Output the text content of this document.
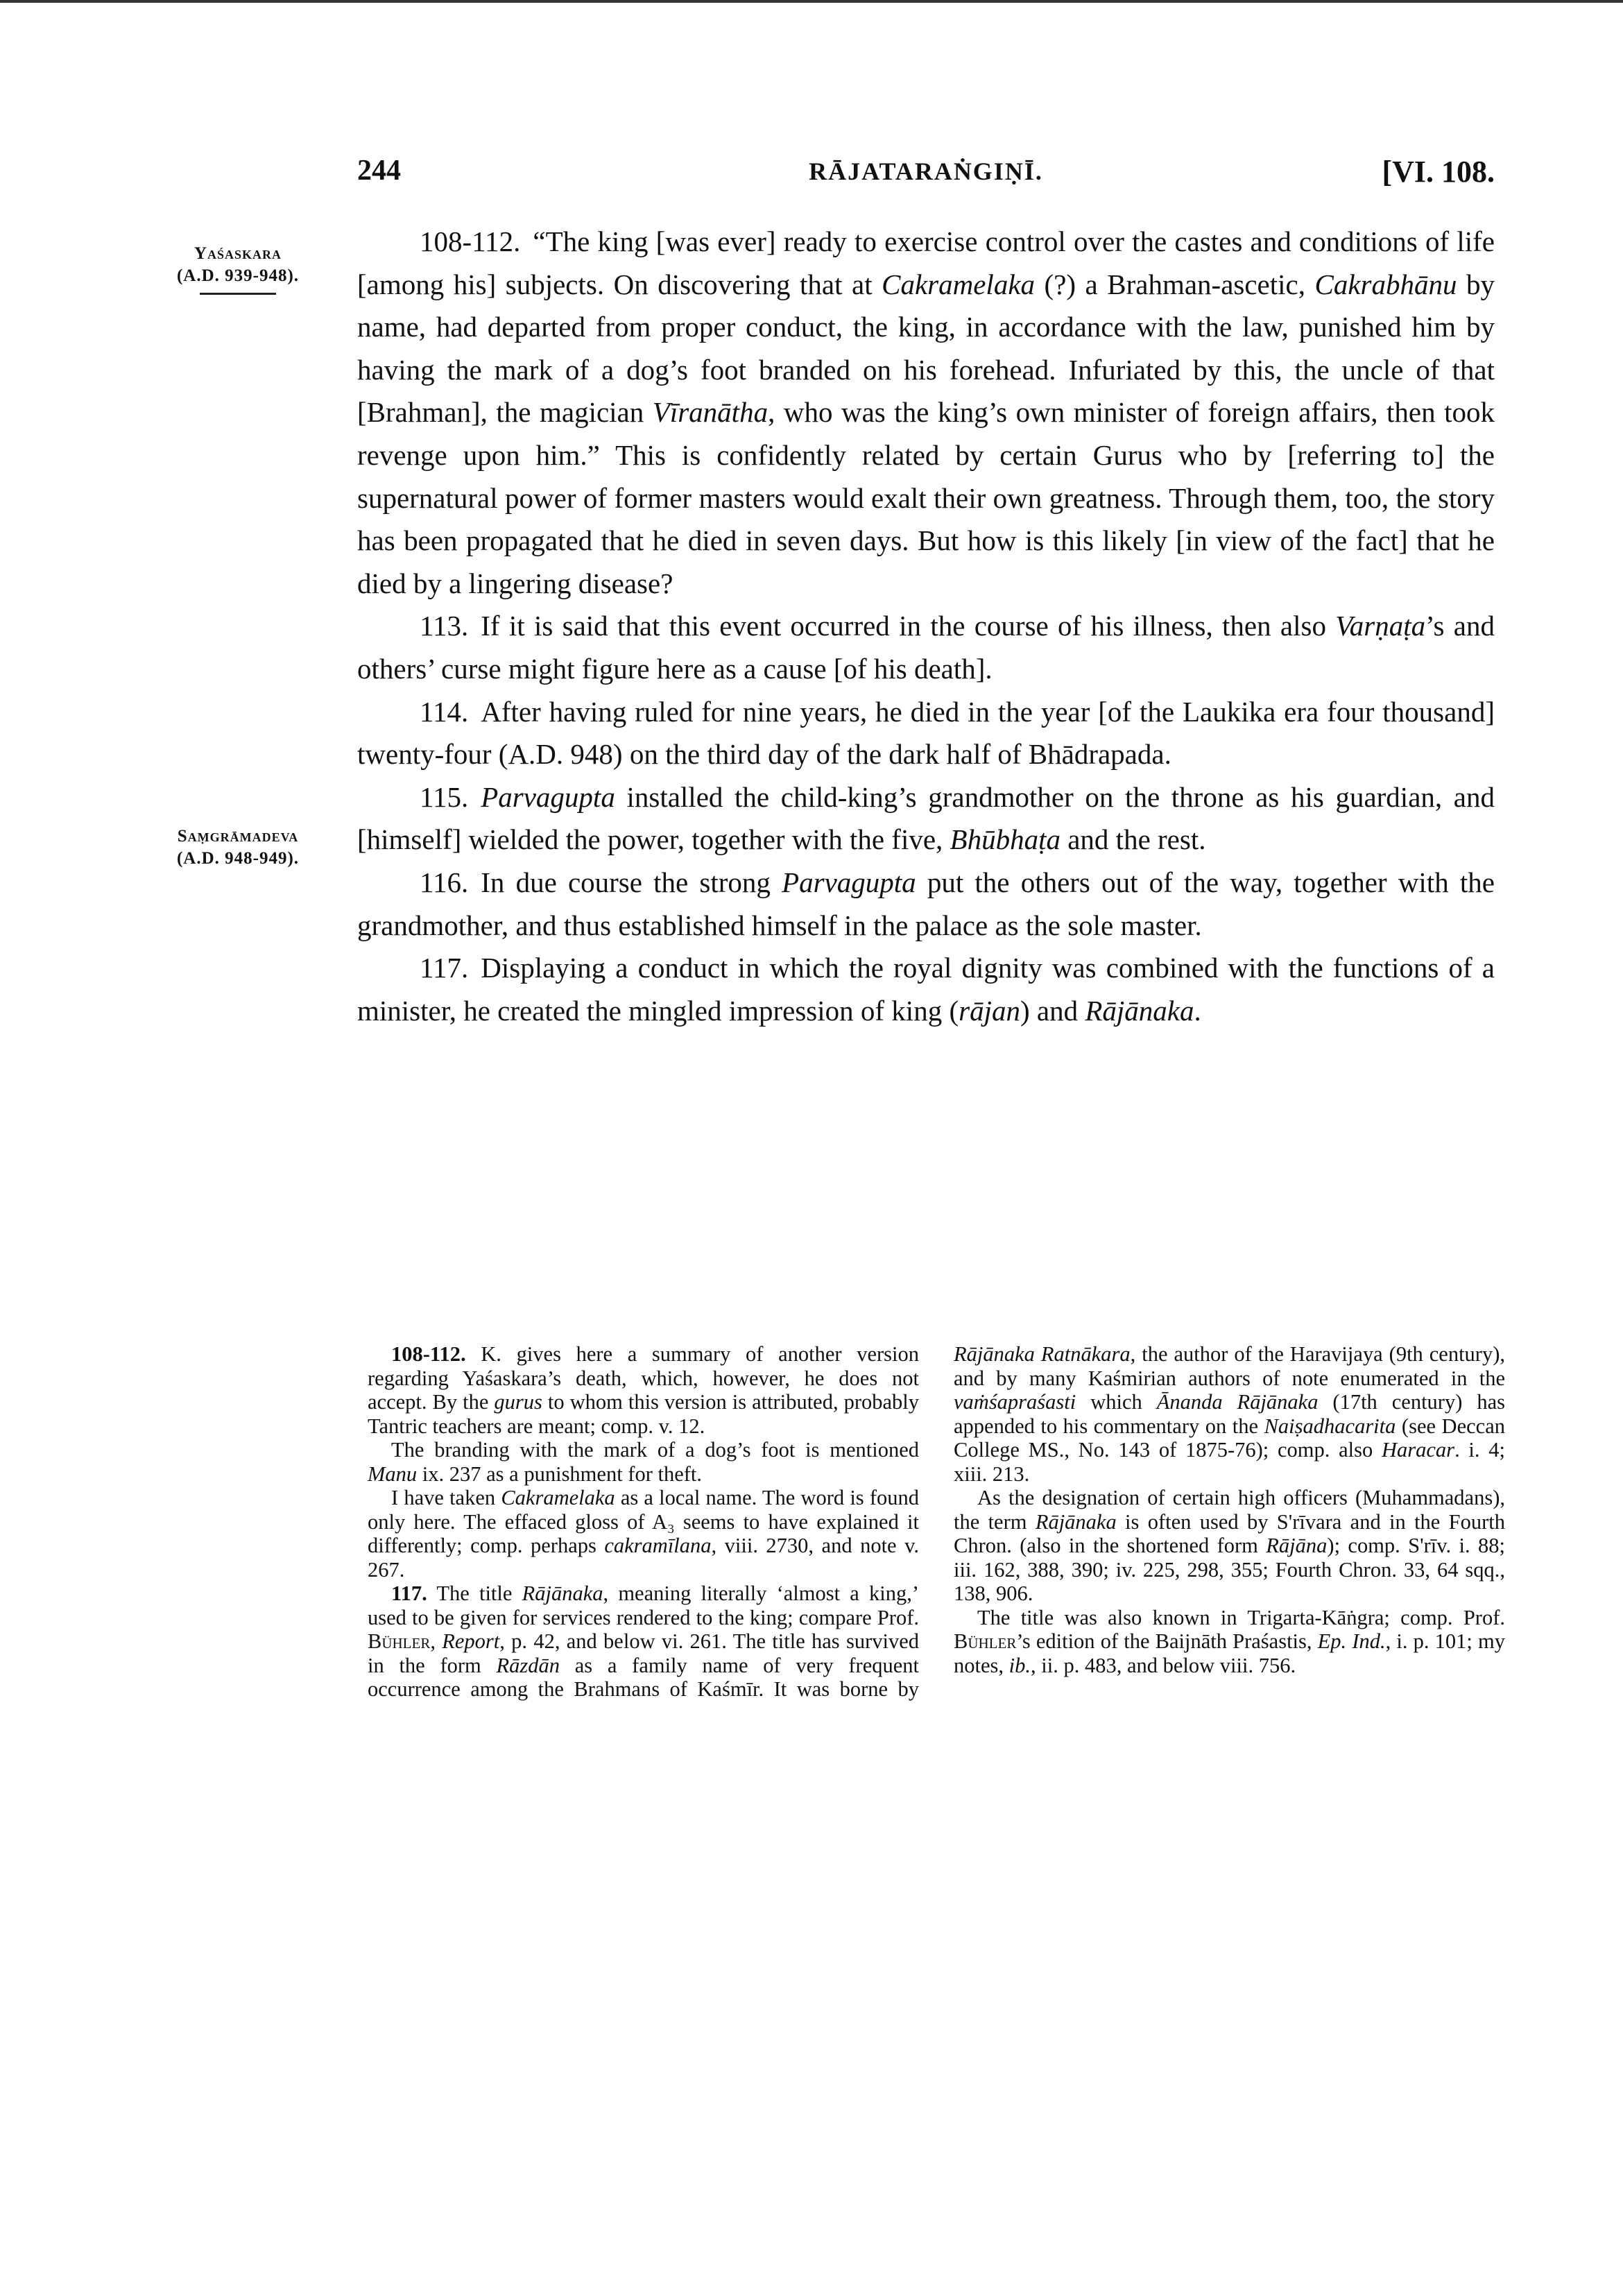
244	RĀJATARAṄGIṆĪ.	[VI. 108.
Yaśaskara
(A.D. 939-948).
Saṃgrāmadeva
(A.D. 948-949).

108-112. “The king [was ever] ready to exercise control over the castes and conditions of life [among his] subjects. On discovering that at Cakramelaka (?) a Brahman-ascetic, Cakrabhānu by name, had departed from proper conduct, the king, in accordance with the law, punished him by having the mark of a dog’s foot branded on his forehead. Infuriated by this, the uncle of that [Brahman], the magician Vīranātha, who was the king’s own minister of foreign affairs, then took revenge upon him.” This is confidently related by certain Gurus who by [referring to] the supernatural power of former masters would exalt their own greatness. Through them, too, the story has been propagated that he died in seven days. But how is this likely [in view of the fact] that he died by a lingering disease?

113. If it is said that this event occurred in the course of his illness, then also Varṇaṭa’s and others’ curse might figure here as a cause [of his death].

114. After having ruled for nine years, he died in the year [of the Laukika era four thousand] twenty-four (A.D. 948) on the third day of the dark half of Bhādrapada.

115. Parvagupta installed the child-king’s grandmother on the throne as his guardian, and [himself] wielded the power, together with the five, Bhūbhaṭa and the rest.

116. In due course the strong Parvagupta put the others out of the way, together with the grandmother, and thus established himself in the palace as the sole master.

117. Displaying a conduct in which the royal dignity was combined with the functions of a minister, he created the mingled impression of king (rājan) and Rājānaka.

108-112. K. gives here a summary of another version regarding Yaśaskara’s death, which, however, he does not accept. By the gurus to whom this version is attributed, probably Tantric teachers are meant; comp. v. 12.

The branding with the mark of a dog’s foot is mentioned Manu ix. 237 as a punishment for theft.

I have taken Cakramelaka as a local name. The word is found only here. The effaced gloss of A₃ seems to have explained it differently; comp. perhaps cakramīlana, viii. 2730, and note v. 267.

117. The title Rājānaka, meaning literally ‘almost a king,’ used to be given for services rendered to the king; compare Prof. Bühler, Report, p. 42, and below vi. 261. The title has survived in the form Rāzdān as a family name of very frequent occurrence among the Brahmans of Kaśmīr. It was borne by Rājānaka Ratnākara, the author of the Haravijaya (9th century), and by many Kaśmirian authors of note enumerated in the vaṁśapraśasti which Ānanda Rājānaka (17th century) has appended to his commentary on the Naiṣadhacarita (see Deccan College MS., No. 143 of 1875-76); comp. also Haracar. i. 4; xiii. 213.

As the designation of certain high officers (Muhammadans), the term Rājānaka is often used by S'rīvara and in the Fourth Chron. (also in the shortened form Rājāna); comp. S'rīv. i. 88; iii. 162, 388, 390; iv. 225, 298, 355; Fourth Chron. 33, 64 sqq., 138, 906.

The title was also known in Trigarta-Kāṅgra; comp. Prof. Bühler’s edition of the Baijnāth Praśastis, Ep. Ind., i. p. 101; my notes, ib., ii. p. 483, and below viii. 756.
